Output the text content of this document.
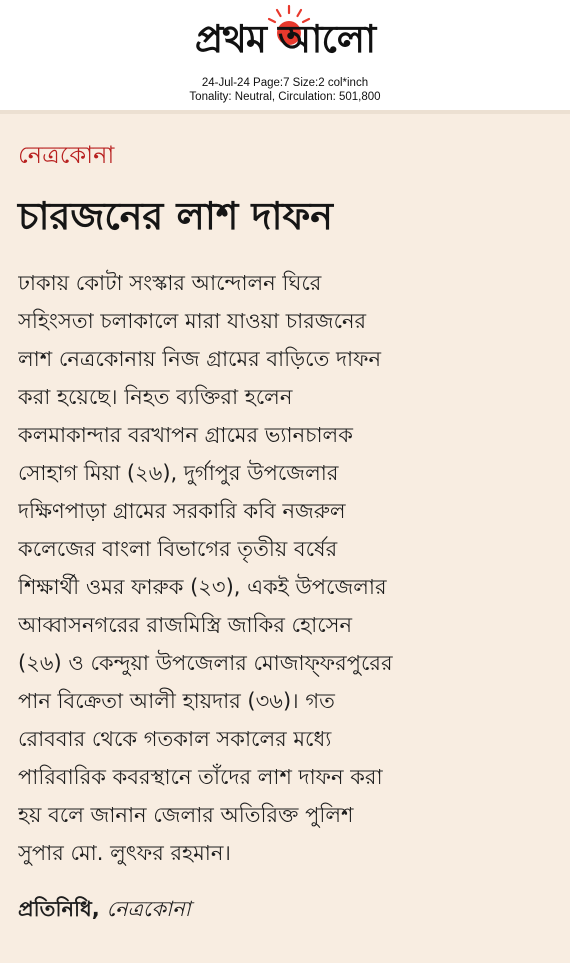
প্রথম আলো
24-Jul-24 Page:7 Size:2 col*inch
Tonality: Neutral, Circulation: 501,800
নেত্রকোনা
চারজনের লাশ দাফন
ঢাকায় কোটা সংস্কার আন্দোলন ঘিরে
সহিংসতা চলাকালে মারা যাওয়া চারজনের
লাশ নেত্রকোনায় নিজ গ্রামের বাড়িতে দাফন
করা হয়েছে। নিহত ব্যক্তিরা হলেন
কলমাকান্দার বরখাপন গ্রামের ভ্যানচালক
সোহাগ মিয়া (২৬), দুর্গাপুর উপজেলার
দক্ষিণপাড়া গ্রামের সরকারি কবি নজরুল
কলেজের বাংলা বিভাগের তৃতীয় বর্ষের
শিক্ষার্থী ওমর ফারুক (২৩), একই উপজেলার
আব্বাসনগরের রাজমিস্ত্রি জাকির হোসেন
(২৬) ও কেন্দুয়া উপজেলার মোজাফ্ফরপুরের
পান বিক্রেতা আলী হায়দার (৩৬)। গত
রোববার থেকে গতকাল সকালের মধ্যে
পারিবারিক কবরস্থানে তাঁদের লাশ দাফন করা
হয় বলে জানান জেলার অতিরিক্ত পুলিশ
সুপার মো. লুৎফর রহমান।
প্রতিনিধি, নেত্রকোনা
